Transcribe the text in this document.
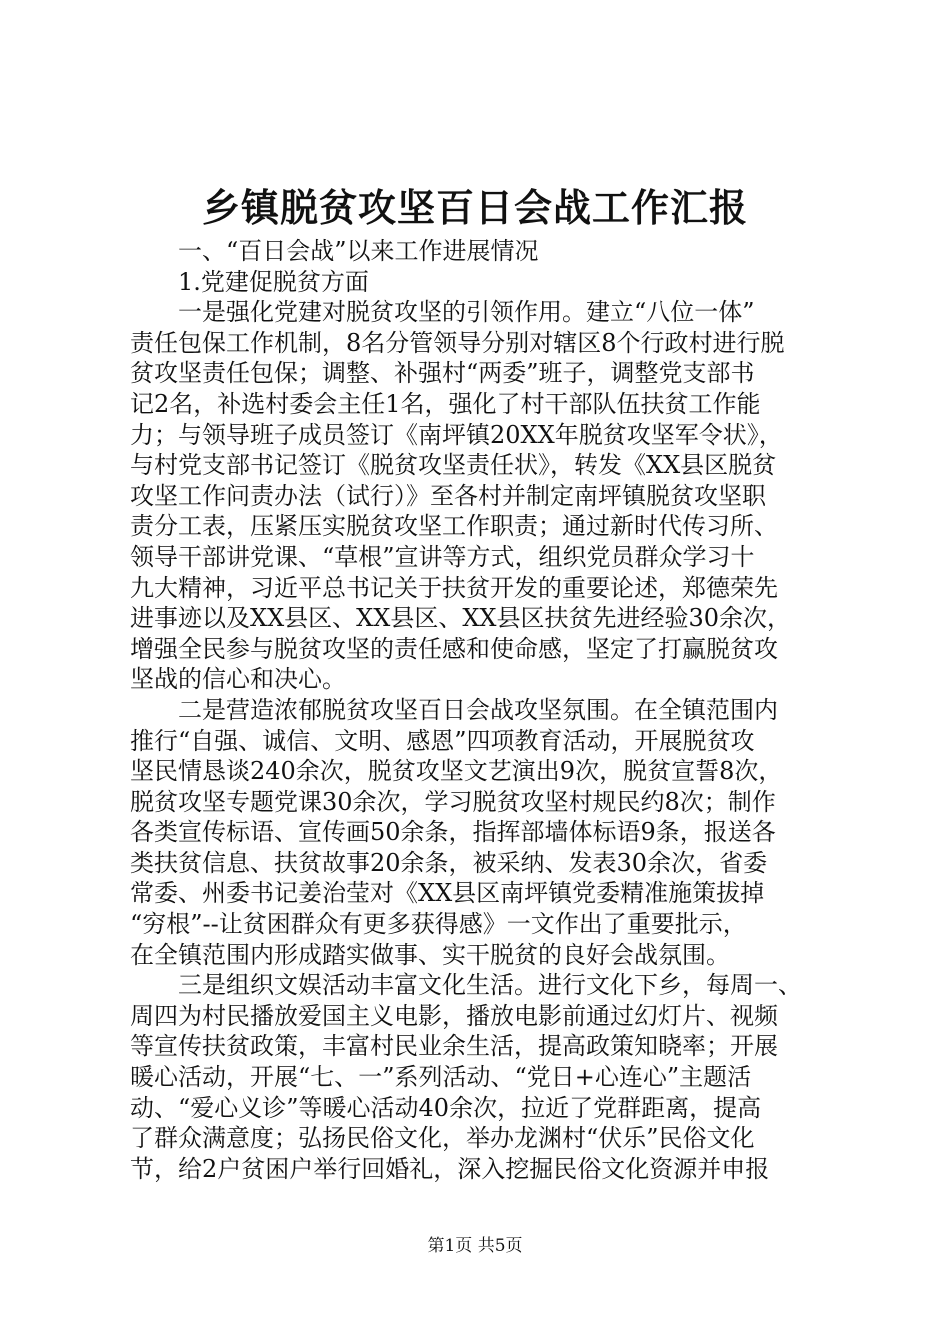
乡镇脱贫攻坚百日会战工作汇报
　　一、“百日会战”以来工作进展情况
　　1.党建促脱贫方面
　　一是强化党建对脱贫攻坚的引领作用。建立“八位一体”
责任包保工作机制，8名分管领导分别对辖区8个行政村进行脱
贫攻坚责任包保；调整、补强村“两委”班子，调整党支部书
记2名，补选村委会主任1名，强化了村干部队伍扶贫工作能
力；与领导班子成员签订《南坪镇20XX年脱贫攻坚军令状》，
与村党支部书记签订《脱贫攻坚责任状》，转发《XX县区脱贫
攻坚工作问责办法（试行）》至各村并制定南坪镇脱贫攻坚职
责分工表，压紧压实脱贫攻坚工作职责；通过新时代传习所、
领导干部讲党课、“草根”宣讲等方式，组织党员群众学习十
九大精神，习近平总书记关于扶贫开发的重要论述，郑德荣先
进事迹以及XX县区、XX县区、XX县区扶贫先进经验30余次，
增强全民参与脱贫攻坚的责任感和使命感，坚定了打赢脱贫攻
坚战的信心和决心。
　　二是营造浓郁脱贫攻坚百日会战攻坚氛围。在全镇范围内
推行“自强、诚信、文明、感恩”四项教育活动，开展脱贫攻
坚民情恳谈240余次，脱贫攻坚文艺演出9次，脱贫宣誓8次，
脱贫攻坚专题党课30余次，学习脱贫攻坚村规民约8次；制作
各类宣传标语、宣传画50余条，指挥部墙体标语9条，报送各
类扶贫信息、扶贫故事20余条，被采纳、发表30余次，省委
常委、州委书记姜治莹对《XX县区南坪镇党委精准施策拔掉
“穷根”--让贫困群众有更多获得感》一文作出了重要批示，
在全镇范围内形成踏实做事、实干脱贫的良好会战氛围。
　　三是组织文娱活动丰富文化生活。进行文化下乡，每周一、
周四为村民播放爱国主义电影，播放电影前通过幻灯片、视频
等宣传扶贫政策，丰富村民业余生活，提高政策知晓率；开展
暖心活动，开展“七、一”系列活动、“党日+心连心”主题活
动、“爱心义诊”等暖心活动40余次，拉近了党群距离，提高
了群众满意度；弘扬民俗文化，举办龙渊村“伏乐”民俗文化
节，给2户贫困户举行回婚礼，深入挖掘民俗文化资源并申报
第1页 共5页
